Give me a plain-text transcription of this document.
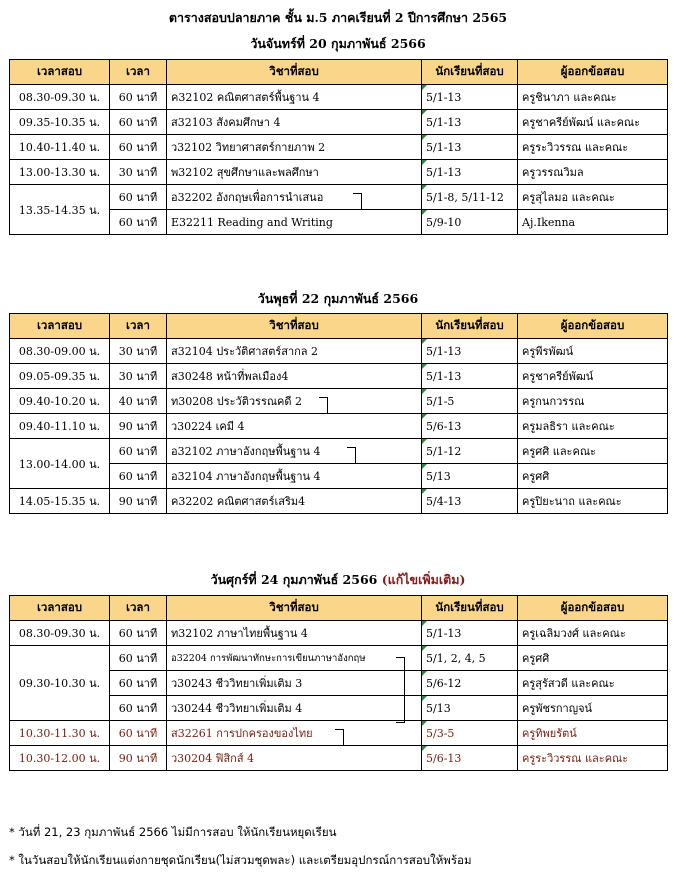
ตารางสอบปลายภาค ชั้น ม.5 ภาคเรียนที่ 2 ปีการศึกษา 2565
วันจันทร์ที่ 20 กุมภาพันธ์ 2566
เวลาสอบ	เวลา	วิชาที่สอบ	นักเรียนที่สอบ	ผู้ออกข้อสอบ
08.30-09.30 น.	60 นาที	ค32102 คณิตศาสตร์พื้นฐาน 4	5/1-13	ครูชินาภา และคณะ
09.35-10.35 น.	60 นาที	ส32103 สังคมศึกษา 4	5/1-13	ครูชาครีย์พัฒน์ และคณะ
10.40-11.40 น.	60 นาที	ว32102 วิทยาศาสตร์กายภาพ 2	5/1-13	ครูระวิวรรณ และคณะ
13.00-13.30 น.	30 นาที	พ32102 สุขศึกษาและพลศึกษา	5/1-13	ครูวรรณวิมล
13.35-14.35 น.	60 นาที	อ32202 อังกฤษเพื่อการนำเสนอ	5/1-8, 5/11-12	ครูสุไลมอ และคณะ
	60 นาที	E32211 Reading and Writing	5/9-10	Aj.Ikenna
วันพุธที่ 22 กุมภาพันธ์ 2566
เวลาสอบ	เวลา	วิชาที่สอบ	นักเรียนที่สอบ	ผู้ออกข้อสอบ
08.30-09.00 น.	30 นาที	ส32104 ประวัติศาสตร์สากล 2	5/1-13	ครูพีรพัฒน์
09.05-09.35 น.	30 นาที	ส30248 หน้าที่พลเมือง4	5/1-13	ครูชาครีย์พัฒน์
09.40-10.20 น.	40 นาที	ท30208 ประวัติวรรณคดี 2	5/1-5	ครูกนกวรรณ
09.40-11.10 น.	90 นาที	ว30224 เคมี 4	5/6-13	ครูมลธิรา และคณะ
13.00-14.00 น.	60 นาที	อ32102 ภาษาอังกฤษพื้นฐาน 4	5/1-12	ครูศศิ และคณะ
	60 นาที	อ32104 ภาษาอังกฤษพื้นฐาน 4	5/13	ครูศศิ
14.05-15.35 น.	90 นาที	ค32202 คณิตศาสตร์เสริม4	5/4-13	ครูปิยะนาถ และคณะ
วันศุกร์ที่ 24 กุมภาพันธ์ 2566 (แก้ไขเพิ่มเติม)
เวลาสอบ	เวลา	วิชาที่สอบ	นักเรียนที่สอบ	ผู้ออกข้อสอบ
08.30-09.30 น.	60 นาที	ท32102 ภาษาไทยพื้นฐาน 4	5/1-13	ครูเฉลิมวงศ์ และคณะ
09.30-10.30 น.	60 นาที	อ32204 การพัฒนาทักษะการเขียนภาษาอังกฤษ	5/1, 2, 4, 5	ครูศศิ
	60 นาที	ว30243 ชีววิทยาเพิ่มเติม 3	5/6-12	ครูสุรัสวดี และคณะ
	60 นาที	ว30244 ชีววิทยาเพิ่มเติม 4	5/13	ครูพัชรกาญจน์
10.30-11.30 น.	60 นาที	ส32261 การปกครองของไทย	5/3-5	ครูทิพยรัตน์
10.30-12.00 น.	90 นาที	ว30204 ฟิสิกส์ 4	5/6-13	ครูระวิวรรณ และคณะ
* วันที่ 21, 23 กุมภาพันธ์ 2566 ไม่มีการสอบ ให้นักเรียนหยุดเรียน
* ในวันสอบให้นักเรียนแต่งกายชุดนักเรียน(ไม่สวมชุดพละ) และเตรียมอุปกรณ์การสอบให้พร้อม
